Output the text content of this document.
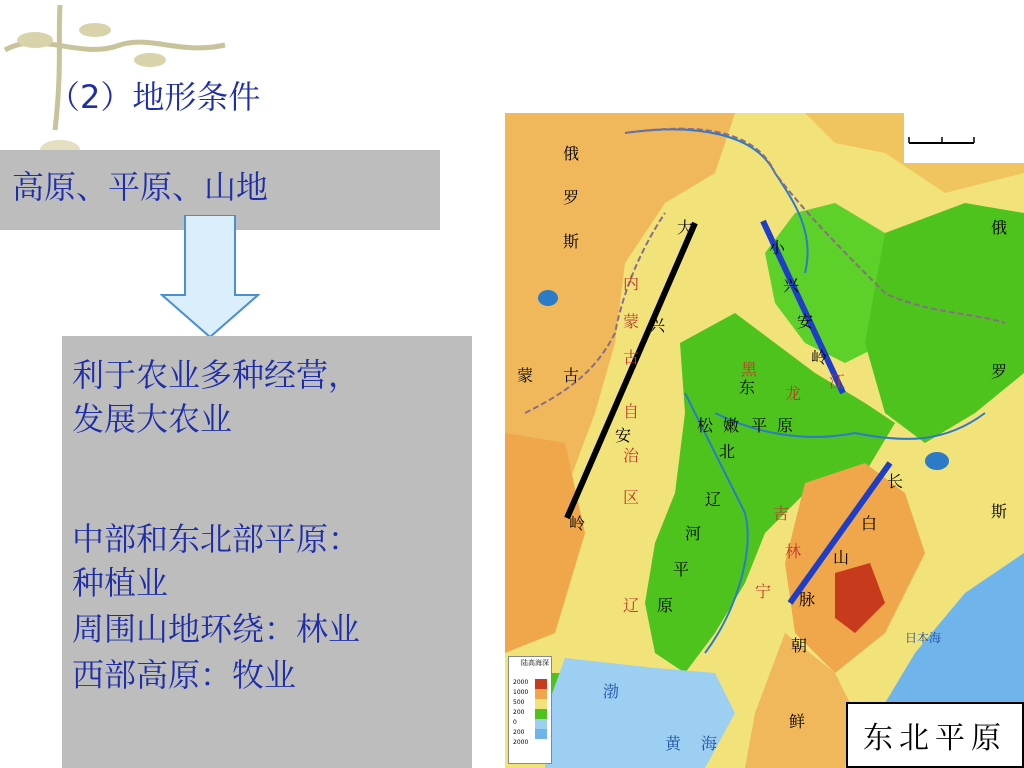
（2）地形条件
高原、平原、山地
利于农业多种经营，
发展大农业
中部和东北部平原：
种植业
周围山地环绕：林业
西部高原：牧业
东北平原
俄
罗
斯
蒙 古
内
蒙
古
自
治
区
大
兴
安
岭
小
兴
安
岭
黑
龙
江
松 嫩 平 原
东
北
俄
罗
斯
长
白
山
脉
吉
林
辽
河
平
原
辽
宁
朝
鲜
日本海
渤
黄 海
陆高海深
2000
1000
500
200
0
200
2000
